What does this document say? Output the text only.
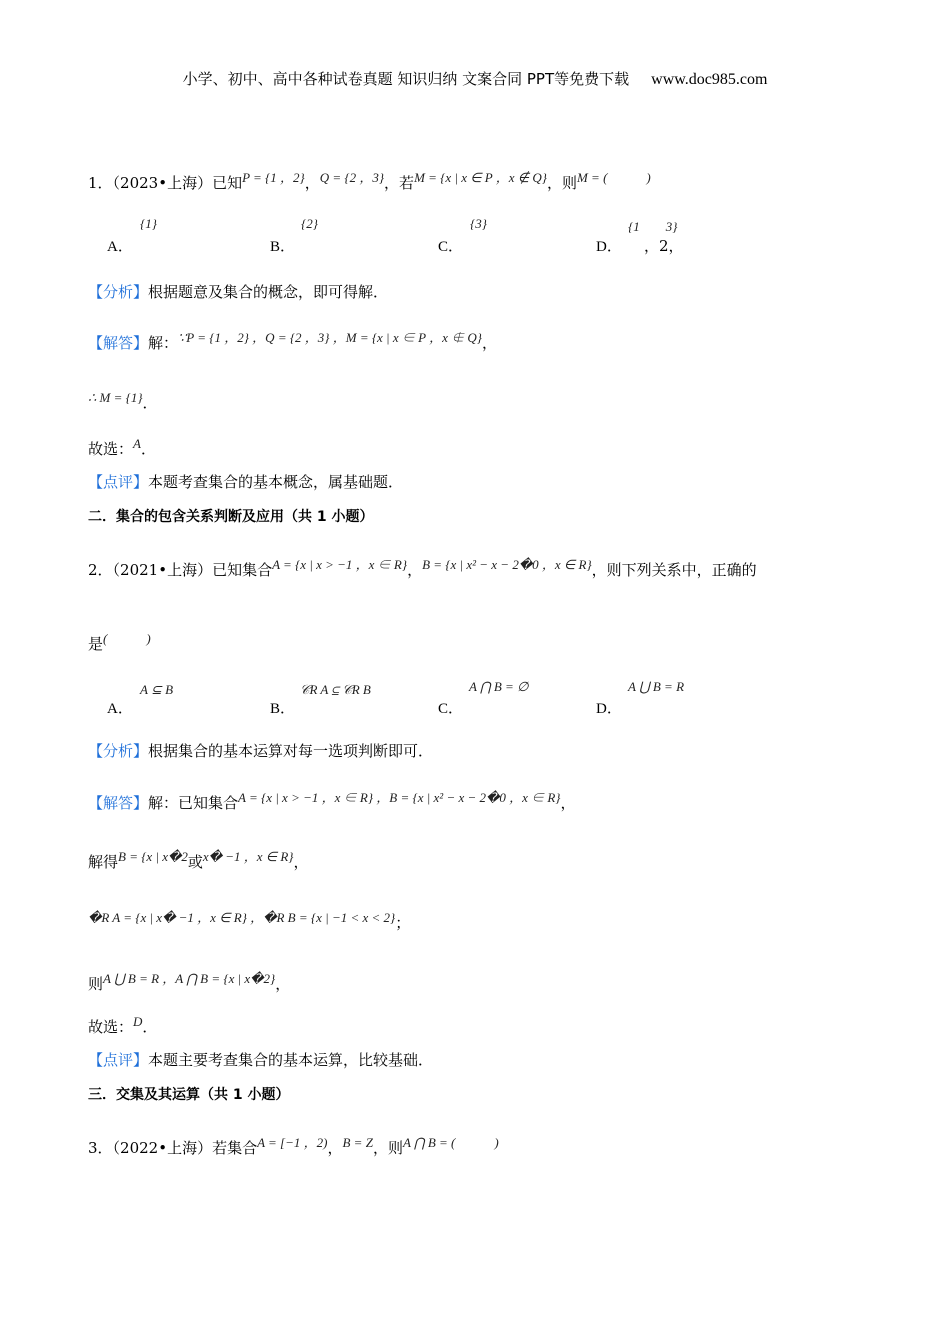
小学、初中、高中各种试卷真题 知识归纳 文案合同 PPT等免费下载 www.doc985.com
1．（2023•上海）已知P = {1 ，2}，Q = {2 ，3}，若M = {x | x ∈ P ，x ∉ Q}，则M = (　　　)
A．
{1}
B．
{2}
C．
{3}
D．
{1　　3}
，2，
【分析】根据题意及集合的概念，即可得解．
【解答】解：∵P = {1 ，2} ，Q = {2 ，3} ，M = {x | x ∈ P ，x ∉ Q}，
∴ M = {1}．
故选：A．
【点评】本题考查集合的基本概念，属基础题．
二．集合的包含关系判断及应用（共 1 小题）
2．（2021•上海）已知集合A = {x | x > −1 ，x ∈ R}，B = {x | x² − x − 2�0 ，x ∈ R}，则下列关系中，正确的
是(　　　)
A．
A ⊆ B
B．
𝒞R A ⊆ 𝒞R B
C．
A ⋂ B = ∅
D．
A ⋃ B = R
【分析】根据集合的基本运算对每一选项判断即可．
【解答】解：已知集合A = {x | x > −1 ，x ∈ R} ，B = {x | x² − x − 2�0 ，x ∈ R}，
解得B = {x | x�2或x� −1 ，x ∈ R}，
�R A = {x | x� −1 ，x ∈ R} ，�R B = {x | −1 < x < 2}；
则A ⋃ B = R ，A ⋂ B = {x | x�2}，
故选：D．
【点评】本题主要考查集合的基本运算，比较基础．
三．交集及其运算（共 1 小题）
3．（2022•上海）若集合A = [−1 ，2)，B = Z，则A ⋂ B = (　　　)
